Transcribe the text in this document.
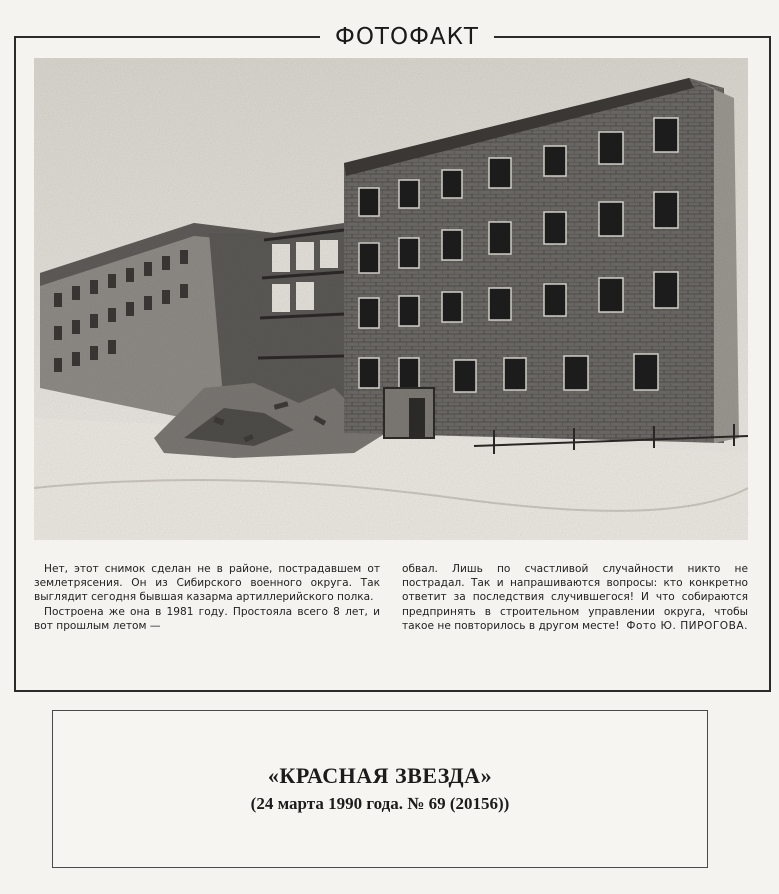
ФОТОФАКТ

Нет, этот снимок сделан не в районе, пострадавшем от землетрясения. Он из Сибирского военного округа. Так выглядит сегодня бывшая казарма артиллерийского полка.

Построена же она в 1981 году. Простояла всего 8 лет, и вот прошлым летом —

обвал. Лишь по счастливой случайности никто не пострадал. Так и напрашиваются вопросы: кто конкретно ответит за последствия случившегося! И что собираются предпринять в строительном управлении округа, чтобы такое не повторилось в другом месте! Фото Ю. ПИРОГОВА.
«КРАСНАЯ ЗВЕЗДА»
(24 марта 1990 года. № 69 (20156))
